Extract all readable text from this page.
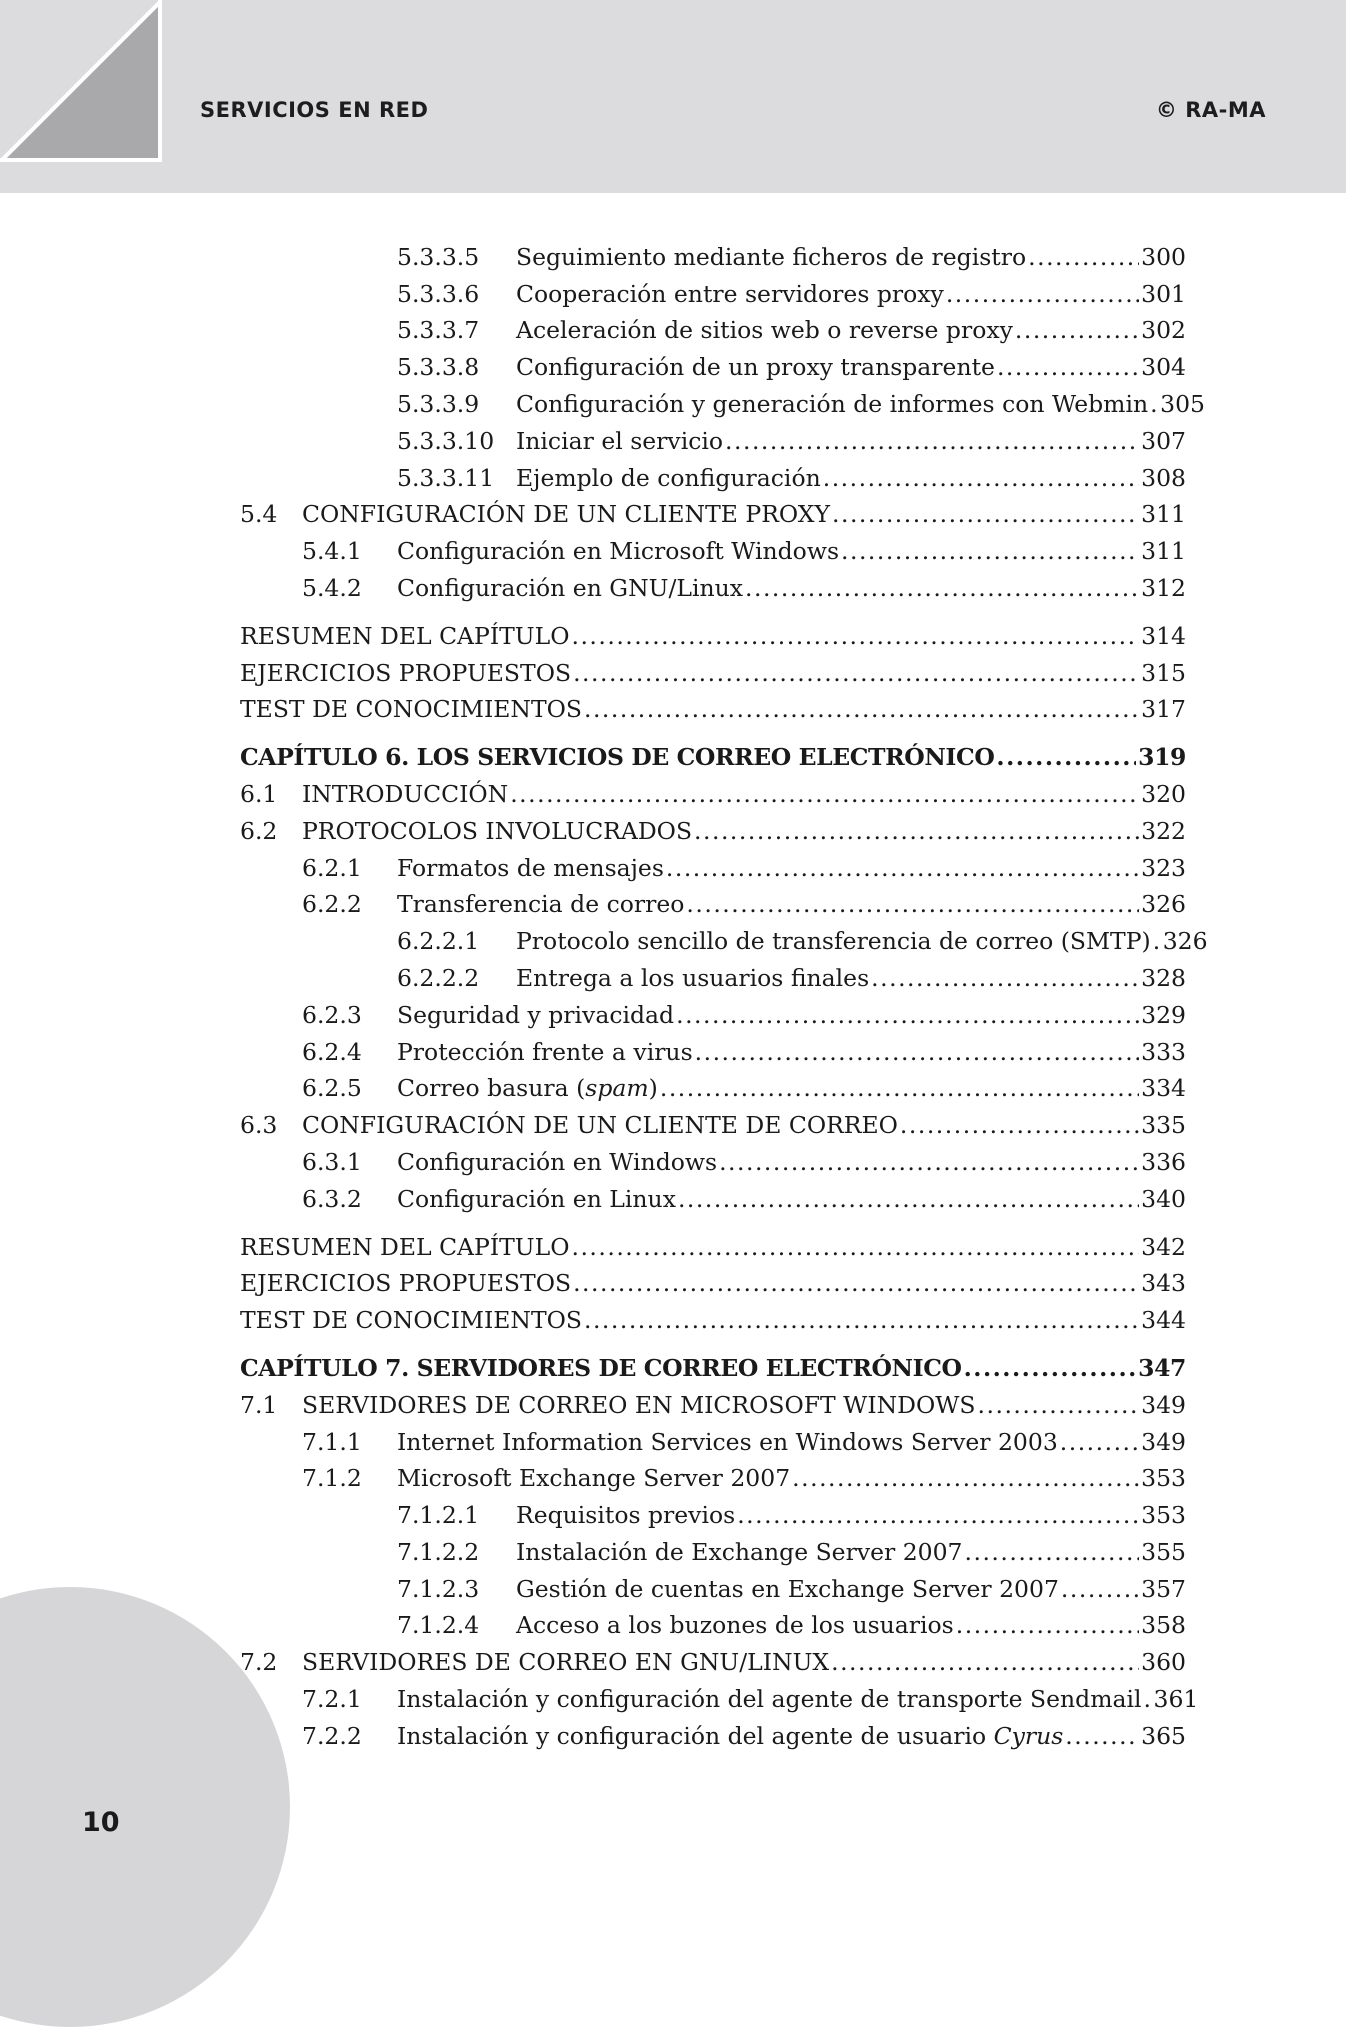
SERVICIOS EN RED	© RA-MA
10
5.3.3.5	Seguimiento mediante ficheros de registro .....	300
5.3.3.6	Cooperación entre servidores proxy .....	301
5.3.3.7	Aceleración de sitios web o reverse proxy .....	302
5.3.3.8	Configuración de un proxy transparente .....	304
5.3.3.9	Configuración y generación de informes con Webmin ..... 305
5.3.3.10 Iniciar el servicio .....	307
5.3.3.11 Ejemplo de configuración .....	308
5.4	CONFIGURACIÓN DE UN CLIENTE PROXY .....	311
5.4.1	Configuración en Microsoft Windows .....	311
5.4.2	Configuración en GNU/Linux .....	312
RESUMEN DEL CAPÍTULO .....	314
EJERCICIOS PROPUESTOS .....	315
TEST DE CONOCIMIENTOS .....	317
CAPÍTULO 6. LOS SERVICIOS DE CORREO ELECTRÓNICO .....	319
6.1	INTRODUCCIÓN .....	320
6.2	PROTOCOLOS INVOLUCRADOS .....	322
6.2.1	Formatos de mensajes .....	323
6.2.2	Transferencia de correo .....	326
6.2.2.1	Protocolo sencillo de transferencia de correo (SMTP) ..... 326
6.2.2.2	Entrega a los usuarios finales .....	328
6.2.3	Seguridad y privacidad .....	329
6.2.4	Protección frente a virus .....	333
6.2.5	Correo basura (spam) .....	334
6.3	CONFIGURACIÓN DE UN CLIENTE DE CORREO .....	335
6.3.1	Configuración en Windows .....	336
6.3.2	Configuración en Linux .....	340
RESUMEN DEL CAPÍTULO .....	342
EJERCICIOS PROPUESTOS .....	343
TEST DE CONOCIMIENTOS .....	344
CAPÍTULO 7. SERVIDORES DE CORREO ELECTRÓNICO .....	347
7.1	SERVIDORES DE CORREO EN MICROSOFT WINDOWS .....	349
7.1.1	Internet Information Services en Windows Server 2003 .....	349
7.1.2	Microsoft Exchange Server 2007 .....	353
7.1.2.1	Requisitos previos .....	353
7.1.2.2	Instalación de Exchange Server 2007 .....	355
7.1.2.3	Gestión de cuentas en Exchange Server 2007 .....	357
7.1.2.4	Acceso a los buzones de los usuarios .....	358
7.2	SERVIDORES DE CORREO EN GNU/LINUX .....	360
7.2.1	Instalación y configuración del agente de transporte Sendmail ..... 361
7.2.2	Instalación y configuración del agente de usuario Cyrus .....	365
